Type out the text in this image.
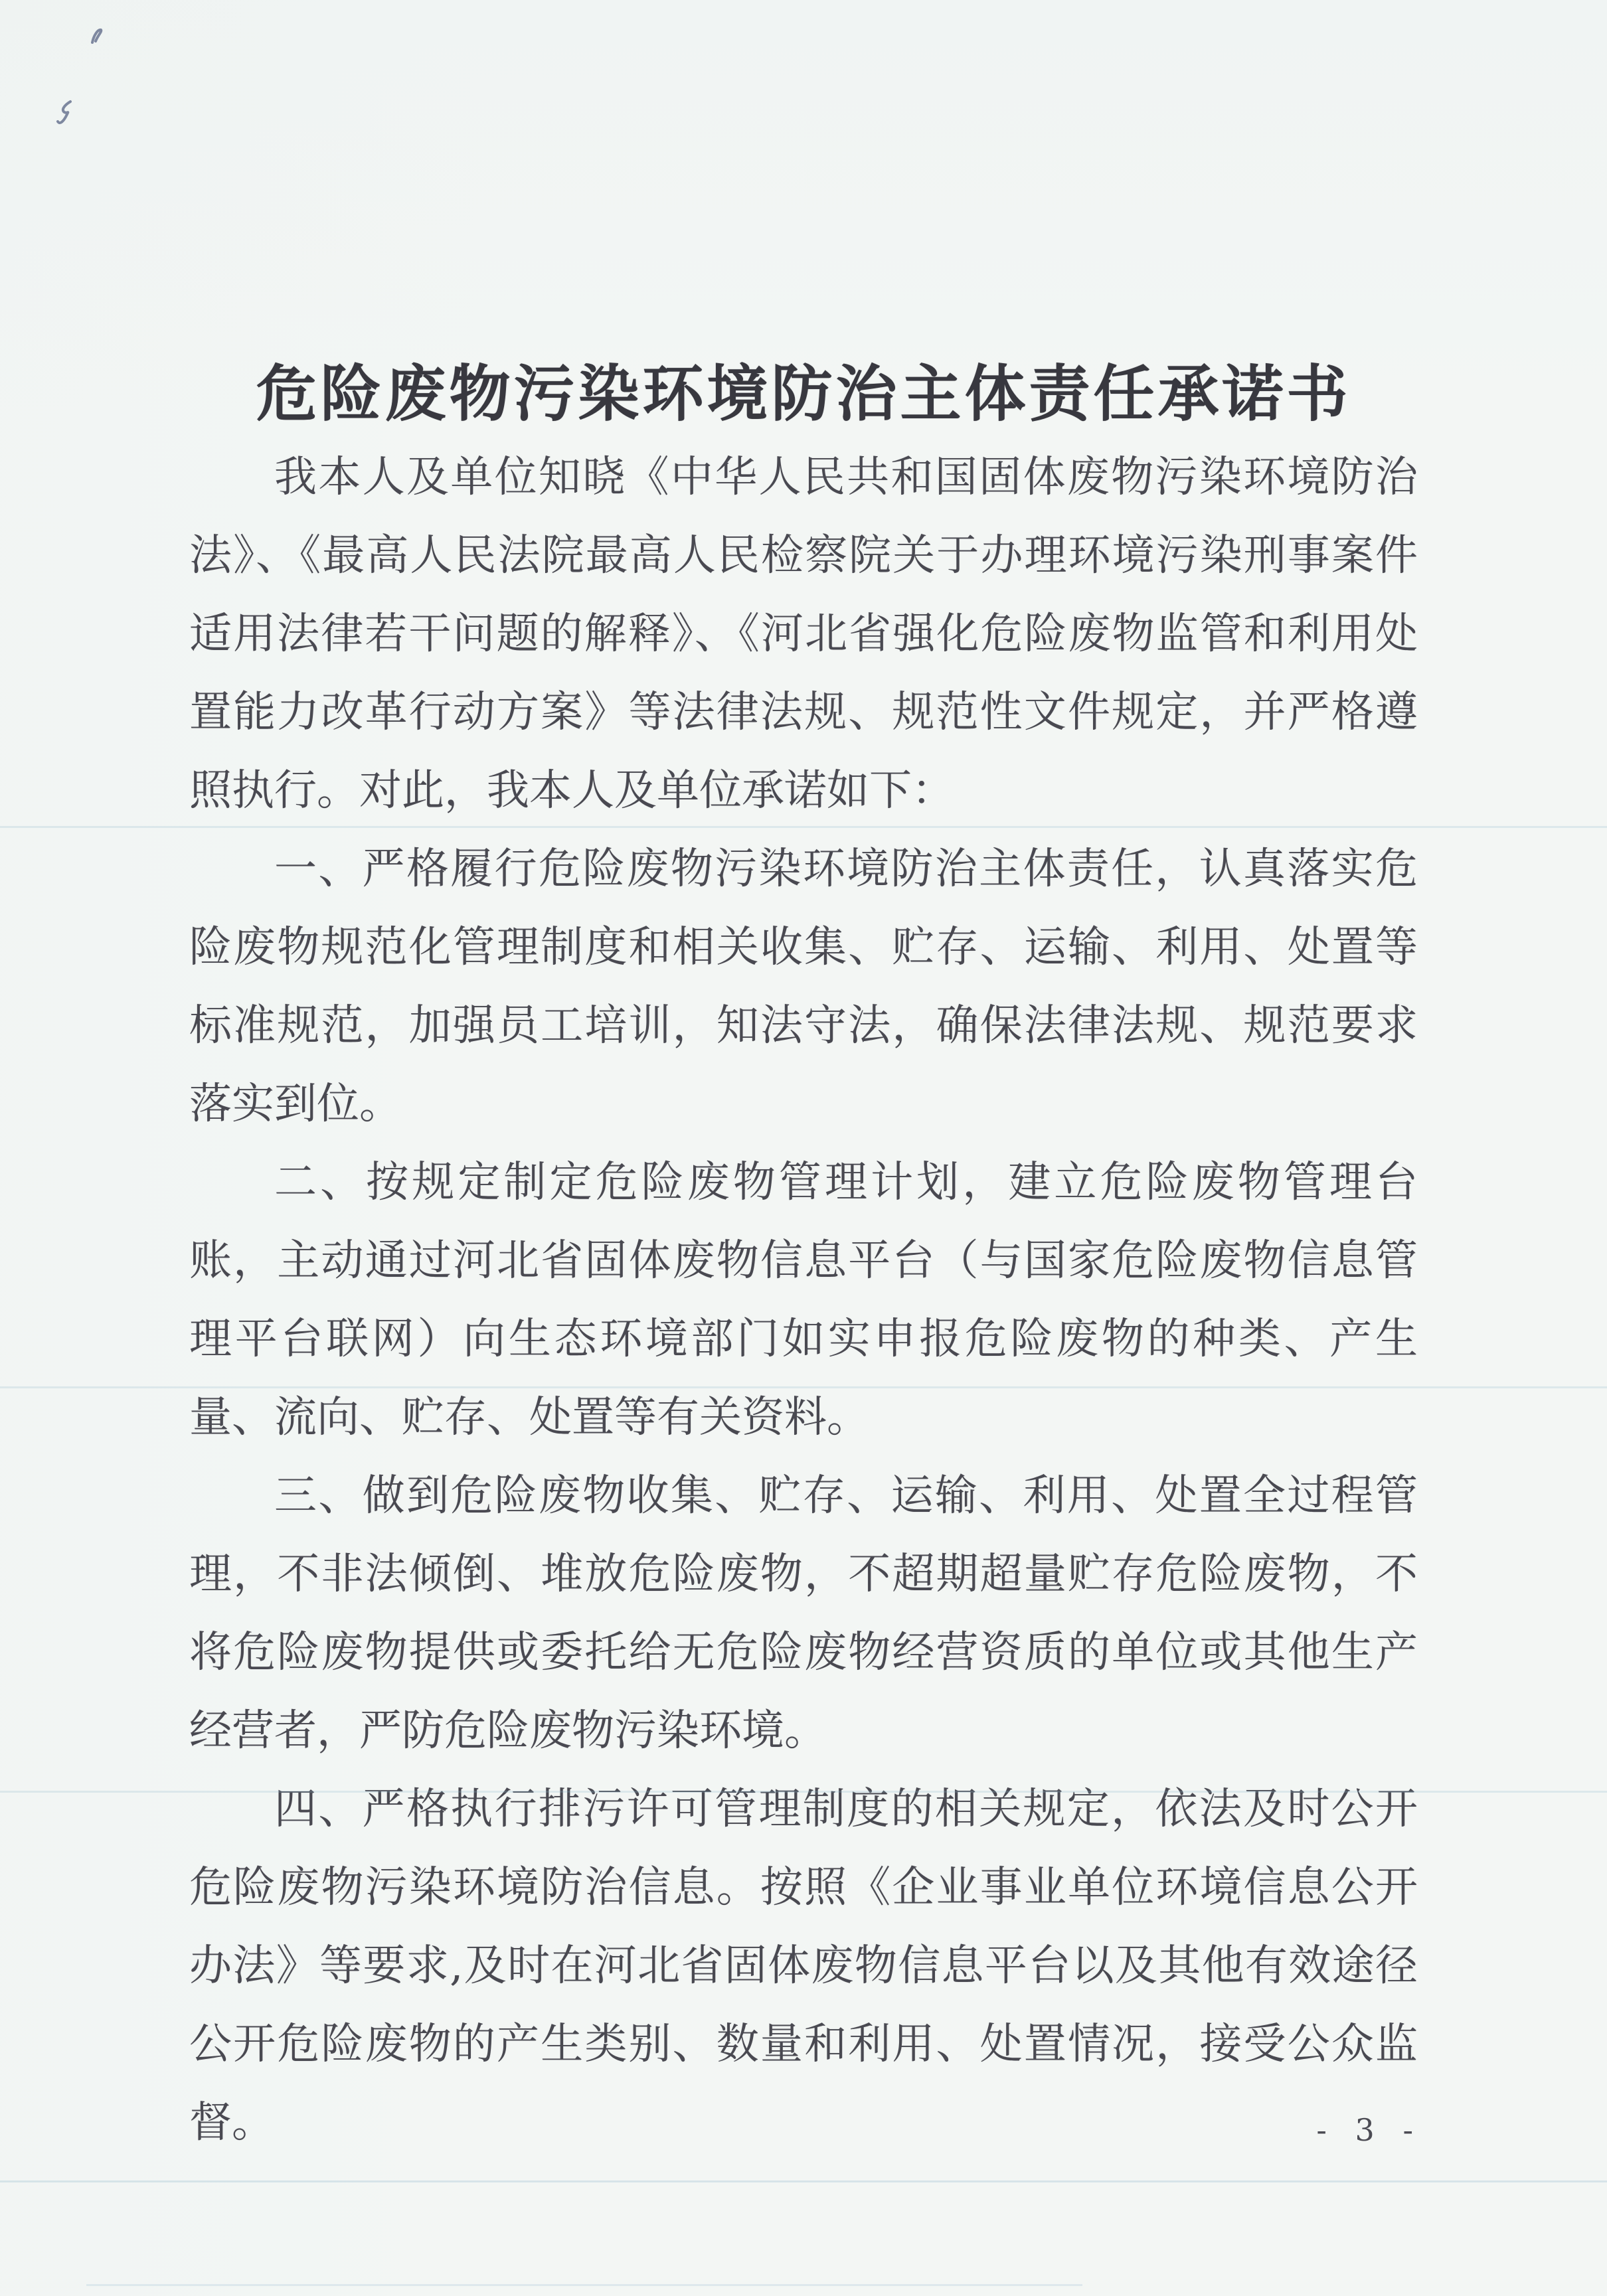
危险废物污染环境防治主体责任承诺书

我本人及单位知晓《中华人民共和国固体废物污染环境防治法》、《最高人民法院最高人民检察院关于办理环境污染刑事案件适用法律若干问题的解释》、《河北省强化危险废物监管和利用处置能力改革行动方案》等法律法规、规范性文件规定，并严格遵照执行。对此，我本人及单位承诺如下：

一、严格履行危险废物污染环境防治主体责任，认真落实危险废物规范化管理制度和相关收集、贮存、运输、利用、处置等标准规范，加强员工培训，知法守法，确保法律法规、规范要求落实到位。

二、按规定制定危险废物管理计划，建立危险废物管理台账，主动通过河北省固体废物信息平台（与国家危险废物信息管理平台联网）向生态环境部门如实申报危险废物的种类、产生量、流向、贮存、处置等有关资料。

三、做到危险废物收集、贮存、运输、利用、处置全过程管理，不非法倾倒、堆放危险废物，不超期超量贮存危险废物，不将危险废物提供或委托给无危险废物经营资质的单位或其他生产经营者，严防危险废物污染环境。

四、严格执行排污许可管理制度的相关规定，依法及时公开危险废物污染环境防治信息。按照《企业事业单位环境信息公开办法》等要求,及时在河北省固体废物信息平台以及其他有效途径公开危险废物的产生类别、数量和利用、处置情况，接受公众监督。	- 3 -
